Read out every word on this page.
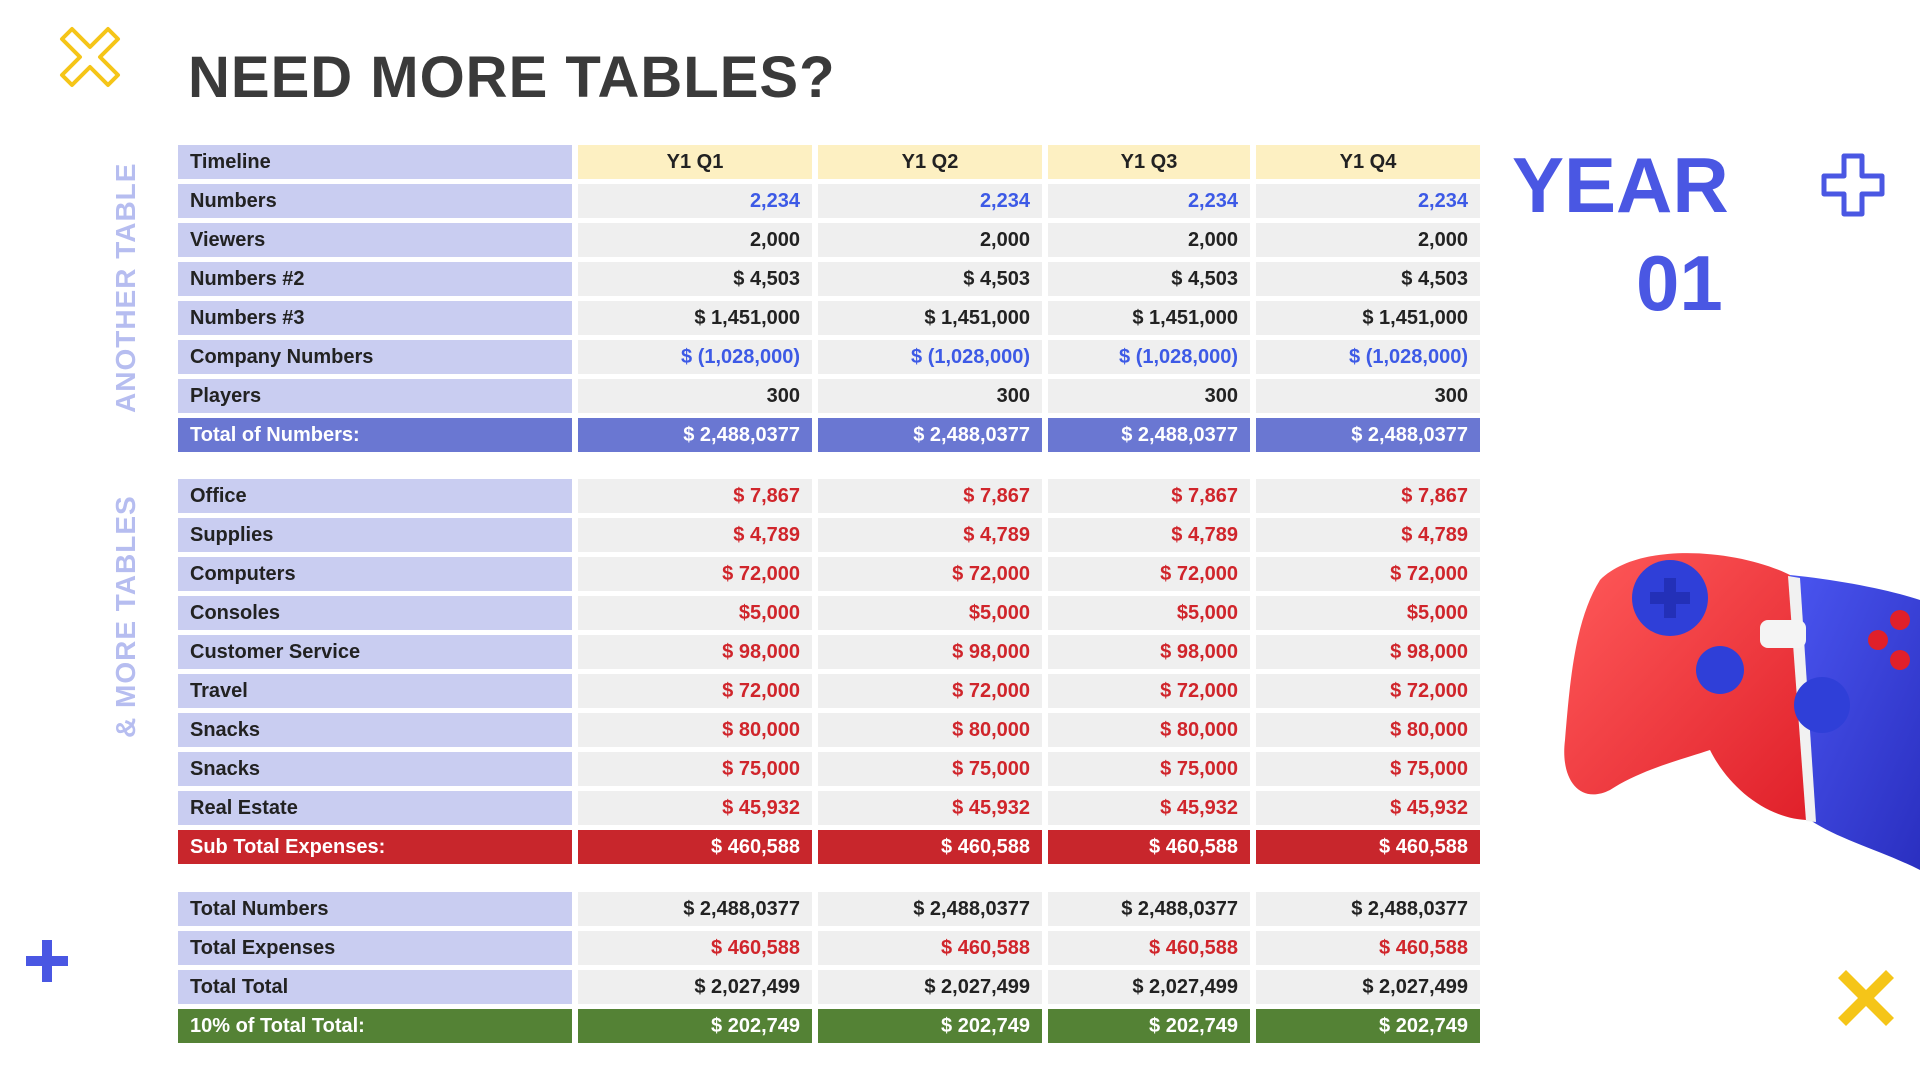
NEED MORE TABLES?
ANOTHER TABLE
& MORE TABLES
YEAR
01
Timeline	Y1 Q1	Y1 Q2	Y1 Q3	Y1 Q4
Numbers	2,234	2,234	2,234	2,234
Viewers	2,000	2,000	2,000	2,000
Numbers #2	$ 4,503	$ 4,503	$ 4,503	$ 4,503
Numbers #3	$ 1,451,000	$ 1,451,000	$ 1,451,000	$ 1,451,000
Company Numbers	$ (1,028,000)	$ (1,028,000)	$ (1,028,000)	$ (1,028,000)
Players	300	300	300	300
Total of Numbers:	$ 2,488,0377	$ 2,488,0377	$ 2,488,0377	$ 2,488,0377
Office	$ 7,867	$ 7,867	$ 7,867	$ 7,867
Supplies	$ 4,789	$ 4,789	$ 4,789	$ 4,789
Computers	$ 72,000	$ 72,000	$ 72,000	$ 72,000
Consoles	$5,000	$5,000	$5,000	$5,000
Customer Service	$ 98,000	$ 98,000	$ 98,000	$ 98,000
Travel	$ 72,000	$ 72,000	$ 72,000	$ 72,000
Snacks	$ 80,000	$ 80,000	$ 80,000	$ 80,000
Snacks	$ 75,000	$ 75,000	$ 75,000	$ 75,000
Real Estate	$ 45,932	$ 45,932	$ 45,932	$ 45,932
Sub Total Expenses:	$ 460,588	$ 460,588	$ 460,588	$ 460,588
Total Numbers	$ 2,488,0377	$ 2,488,0377	$ 2,488,0377	$ 2,488,0377
Total Expenses	$ 460,588	$ 460,588	$ 460,588	$ 460,588
Total Total	$ 2,027,499	$ 2,027,499	$ 2,027,499	$ 2,027,499
10% of Total Total:	$ 202,749	$ 202,749	$ 202,749	$ 202,749
